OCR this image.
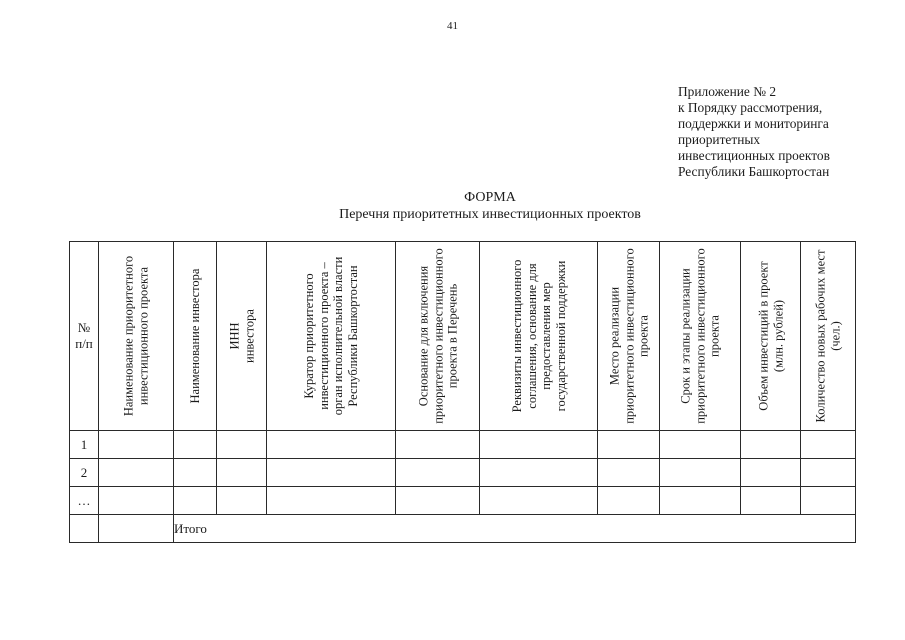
41
Приложение № 2
к Порядку рассмотрения,
поддержки и мониторинга
приоритетных
инвестиционных проектов
Республики Башкортостан
ФОРМА
Перечня приоритетных инвестиционных проектов
№
п/п	Наименование приоритетного инвестиционного проекта	Наименование инвестора	ИНН инвестора	Куратор приоритетного инвестиционного проекта – орган исполнительной власти Республики Башкортостан	Основание для включения приоритетного инвестиционного проекта в Перечень	Реквизиты инвестиционного соглашения, основание для предоставления мер государственной поддержки	Место реализации приоритетного инвестиционного проекта	Срок и этапы реализации приоритетного инвестиционного проекта	Объем инвестиций в проект (млн. рублей)	Количество новых рабочих мест (чел.)

1										
2										
…										
		Итого								
